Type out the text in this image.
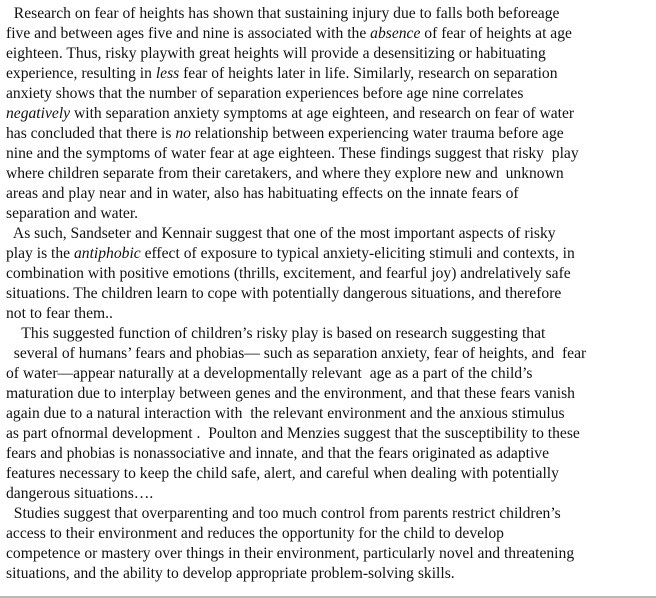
Research on fear of heights has shown that sustaining injury due to falls both beforeage
five and between ages five and nine is associated with the absence of fear of heights at age
eighteen. Thus, risky playwith great heights will provide a desensitizing or habituating
experience, resulting in less fear of heights later in life. Similarly, research on separation
anxiety shows that the number of separation experiences before age nine correlates
negatively with separation anxiety symptoms at age eighteen, and research on fear of water
has concluded that there is no relationship between experiencing water trauma before age
nine and the symptoms of water fear at age eighteen. These findings suggest that risky  play
where children separate from their caretakers, and where they explore new and  unknown
areas and play near and in water, also has habituating effects on the innate fears of
separation and water.
As such, Sandseter and Kennair suggest that one of the most important aspects of risky
play is the antiphobic effect of exposure to typical anxiety-eliciting stimuli and contexts, in
combination with positive emotions (thrills, excitement, and fearful joy) andrelatively safe
situations. The children learn to cope with potentially dangerous situations, and therefore
not to fear them..
This suggested function of children’s risky play is based on research suggesting that
several of humans’ fears and phobias— such as separation anxiety, fear of heights, and  fear
of water—appear naturally at a developmentally relevant  age as a part of the child’s
maturation due to interplay between genes and the environment, and that these fears vanish
again due to a natural interaction with  the relevant environment and the anxious stimulus
as part ofnormal development .  Poulton and Menzies suggest that the susceptibility to these
fears and phobias is nonassociative and innate, and that the fears originated as adaptive
features necessary to keep the child safe, alert, and careful when dealing with potentially
dangerous situations….
Studies suggest that overparenting and too much control from parents restrict children’s
access to their environment and reduces the opportunity for the child to develop
competence or mastery over things in their environment, particularly novel and threatening
situations, and the ability to develop appropriate problem-solving skills.
